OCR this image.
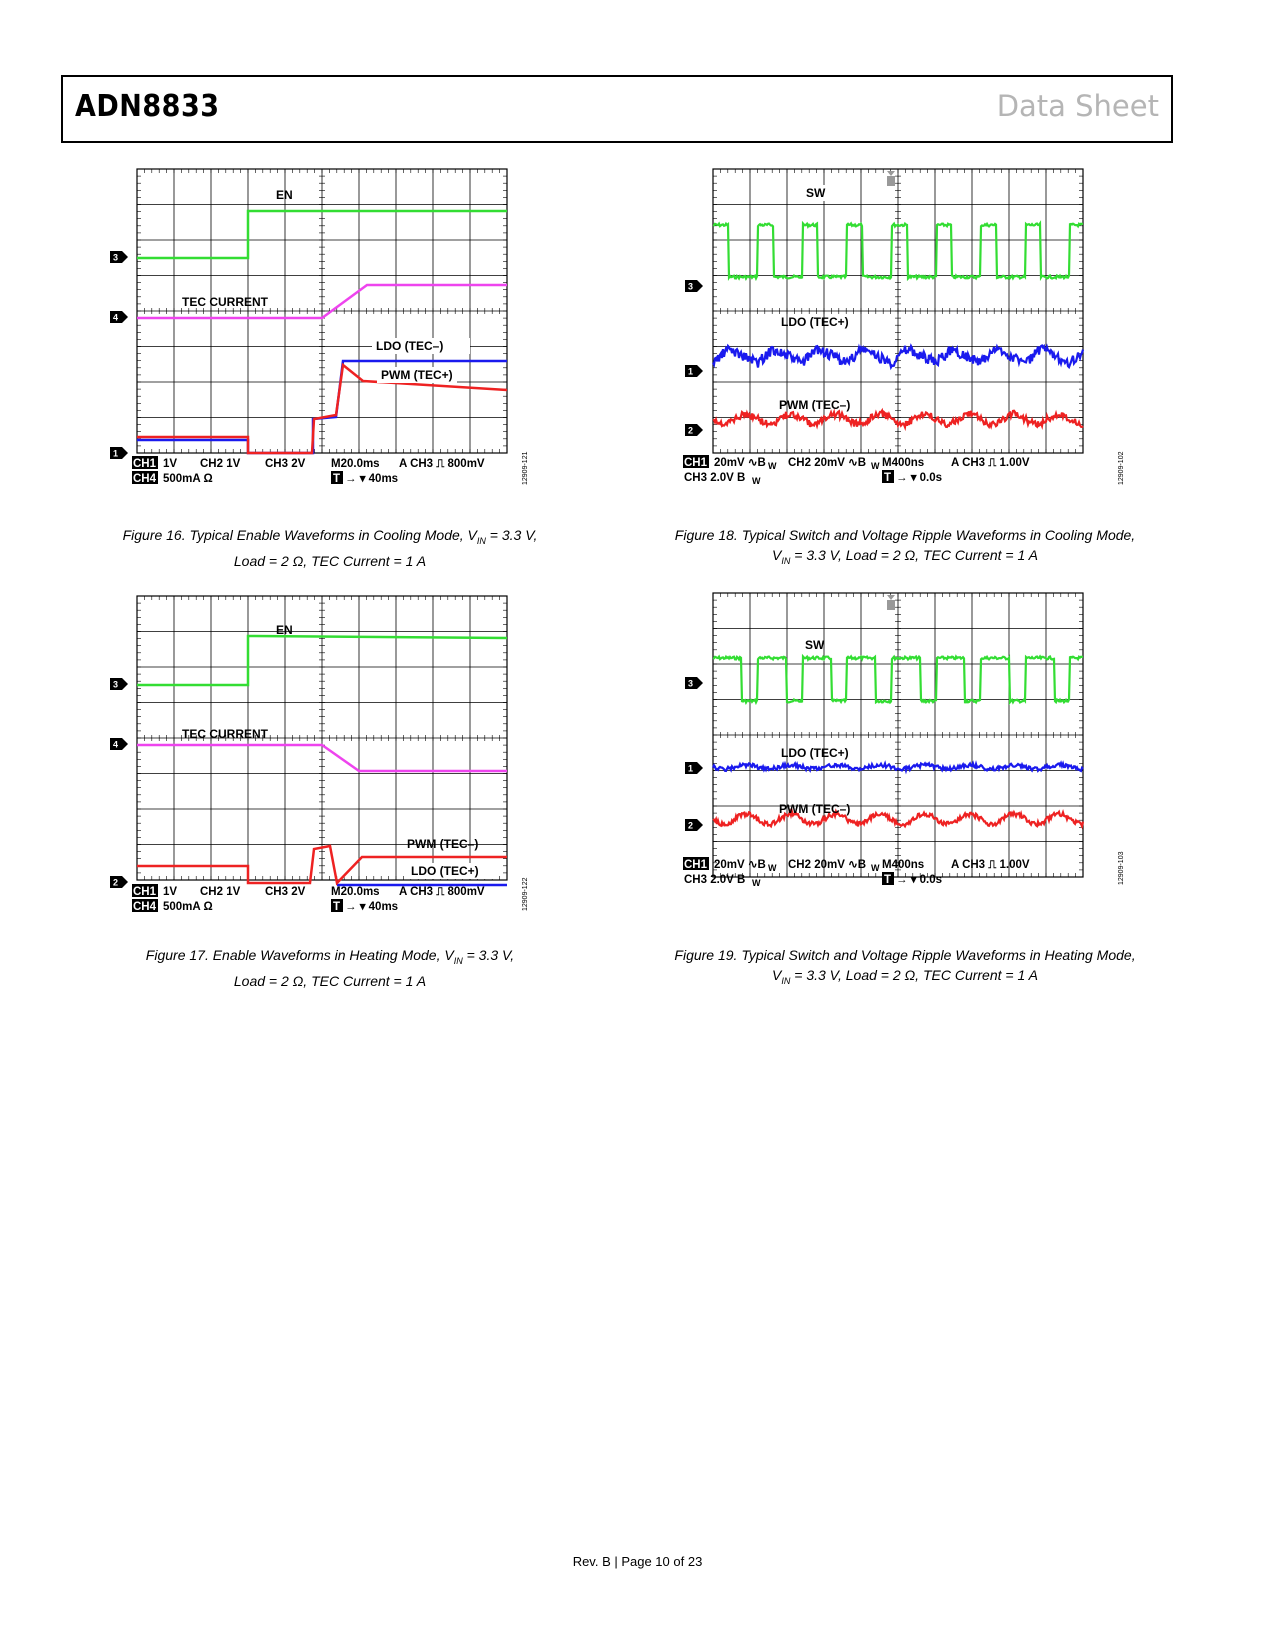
ADN8833	Data Sheet
EN
TEC CURRENT
LDO (TEC–)
PWM (TEC+)
3
4
1
CH1 1V CH2 1V CH3 2V M20.0ms A CH3 ⎍ 800mV
CH4 500mA Ω	T → ▾ 40ms	12909-121
Figure 16. Typical Enable Waveforms in Cooling Mode, $V_{IN} = 3.3$ V,
Load = 2 Ω, TEC Current = 1 A
EN
TEC CURRENT
PWM (TEC–)
LDO (TEC+)
3
4
2
CH1 1V CH2 1V CH3 2V M20.0ms A CH3 ⎍ 800mV
CH4 500mA Ω	T → ▾ 40ms	12909-122
Figure 17. Enable Waveforms in Heating Mode, $V_{IN} = 3.3$ V,
Load = 2 Ω, TEC Current = 1 A
SW
LDO (TEC+)
PWM (TEC–)
3
1
2
CH1 20mV ∿B W CH2 20mV ∿B W M400ns A CH3 ⎍ 1.00V
CH3 2.0V B W	T → ▾ 0.0s	12909-102
Figure 18. Typical Switch and Voltage Ripple Waveforms in Cooling Mode,
$V_{IN} = 3.3$ V, Load = 2 Ω, TEC Current = 1 A
SW
LDO (TEC+)
PWM (TEC–)
3
1
2
CH1 20mV ∿B W CH2 20mV ∿B W M400ns A CH3 ⎍ 1.00V
CH3 2.0V B W	T → ▾ 0.0s	12909-103
Figure 19. Typical Switch and Voltage Ripple Waveforms in Heating Mode,
$V_{IN} = 3.3$ V, Load = 2 Ω, TEC Current = 1 A
Rev. B | Page 10 of 23
